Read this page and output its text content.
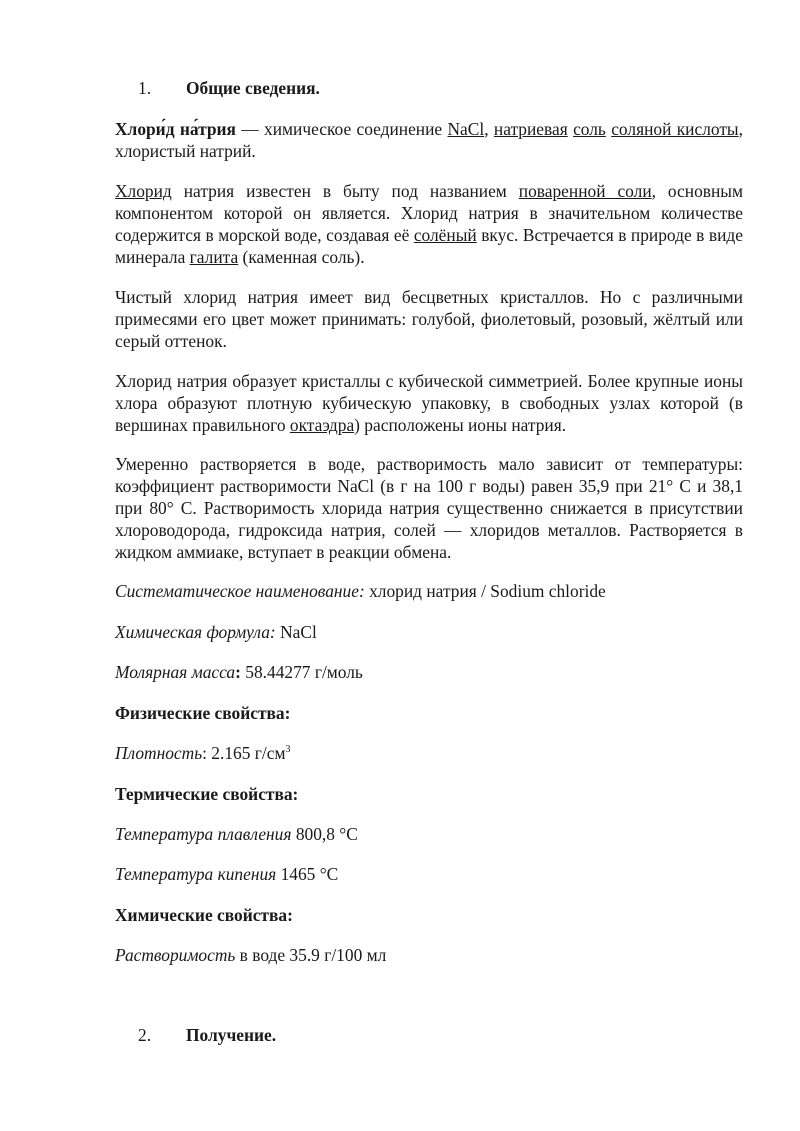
1. Общие сведения.
Хлори́д на́трия — химическое соединение NaCl, натриевая соль соляной кислоты, хлористый натрий.
Хлорид натрия известен в быту под названием поваренной соли, основным компонентом которой он является. Хлорид натрия в значительном количестве содержится в морской воде, создавая её солёный вкус. Встречается в природе в виде минерала галита (каменная соль).
Чистый хлорид натрия имеет вид бесцветных кристаллов. Но с различными примесями его цвет может принимать: голубой, фиолетовый, розовый, жёлтый или серый оттенок.
Хлорид натрия образует кристаллы с кубической симметрией. Более крупные ионы хлора образуют плотную кубическую упаковку, в свободных узлах которой (в вершинах правильного октаэдра) расположены ионы натрия.
Умеренно растворяется в воде, растворимость мало зависит от температуры: коэффициент растворимости NaCl (в г на 100 г воды) равен 35,9 при 21° С и 38,1 при 80° С. Растворимость хлорида натрия существенно снижается в присутствии хлороводорода, гидроксида натрия, солей — хлоридов металлов. Растворяется в жидком аммиаке, вступает в реакции обмена.
Систематическое наименование: хлорид натрия / Sodium chloride
Химическая формула: NaCl
Молярная масса: 58.44277 г/моль
Физические свойства:
Плотность: 2.165 $г/см^3$
Термические свойства:
Температура плавления 800,8 °C
Температура кипения 1465 °C
Химические свойства:
Растворимость в воде 35.9 г/100 мл
2. Получение.
